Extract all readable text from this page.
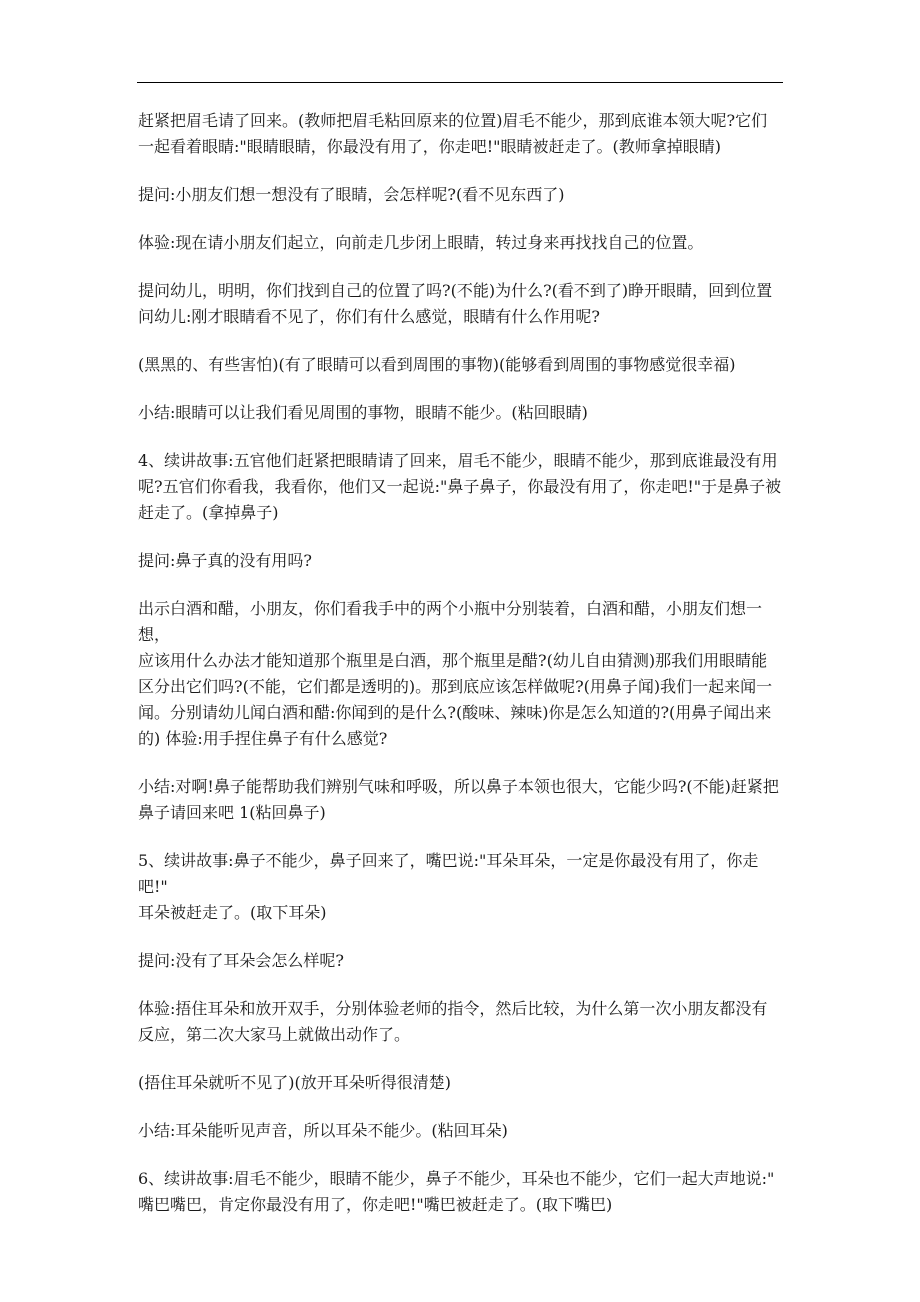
赶紧把眉毛请了回来。(教师把眉毛粘回原来的位置)眉毛不能少，那到底谁本领大呢?它们
一起看着眼睛:"眼睛眼睛，你最没有用了，你走吧!"眼睛被赶走了。(教师拿掉眼睛)

提问:小朋友们想一想没有了眼睛，会怎样呢?(看不见东西了)

体验:现在请小朋友们起立，向前走几步闭上眼睛，转过身来再找找自己的位置。

提问幼儿，明明，你们找到自己的位置了吗?(不能)为什么?(看不到了)睁开眼睛，回到位置
问幼儿:刚才眼睛看不见了，你们有什么感觉，眼睛有什么作用呢?

(黑黑的、有些害怕)(有了眼睛可以看到周围的事物)(能够看到周围的事物感觉很幸福)

小结:眼睛可以让我们看见周围的事物，眼睛不能少。(粘回眼睛)

4、续讲故事:五官他们赶紧把眼睛请了回来，眉毛不能少，眼睛不能少，那到底谁最没有用
呢?五官们你看我，我看你，他们又一起说:"鼻子鼻子，你最没有用了，你走吧!"于是鼻子被
赶走了。(拿掉鼻子)

提问:鼻子真的没有用吗?

出示白酒和醋，小朋友，你们看我手中的两个小瓶中分别装着，白酒和醋，小朋友们想一想，
应该用什么办法才能知道那个瓶里是白酒，那个瓶里是醋?(幼儿自由猜测)那我们用眼睛能
区分出它们吗?(不能，它们都是透明的)。那到底应该怎样做呢?(用鼻子闻)我们一起来闻一
闻。分别请幼儿闻白酒和醋:你闻到的是什么?(酸味、辣味)你是怎么知道的?(用鼻子闻出来
的) 体验:用手捏住鼻子有什么感觉?

小结:对啊!鼻子能帮助我们辨别气味和呼吸，所以鼻子本领也很大，它能少吗?(不能)赶紧把
鼻子请回来吧 1(粘回鼻子)

5、续讲故事:鼻子不能少，鼻子回来了，嘴巴说:"耳朵耳朵，一定是你最没有用了，你走吧!"
耳朵被赶走了。(取下耳朵)

提问:没有了耳朵会怎么样呢?

体验:捂住耳朵和放开双手，分别体验老师的指令，然后比较，为什么第一次小朋友都没有
反应，第二次大家马上就做出动作了。

(捂住耳朵就听不见了)(放开耳朵听得很清楚)

小结:耳朵能听见声音，所以耳朵不能少。(粘回耳朵)

6、续讲故事:眉毛不能少，眼睛不能少，鼻子不能少，耳朵也不能少，它们一起大声地说:"
嘴巴嘴巴，肯定你最没有用了，你走吧!"嘴巴被赶走了。(取下嘴巴)
